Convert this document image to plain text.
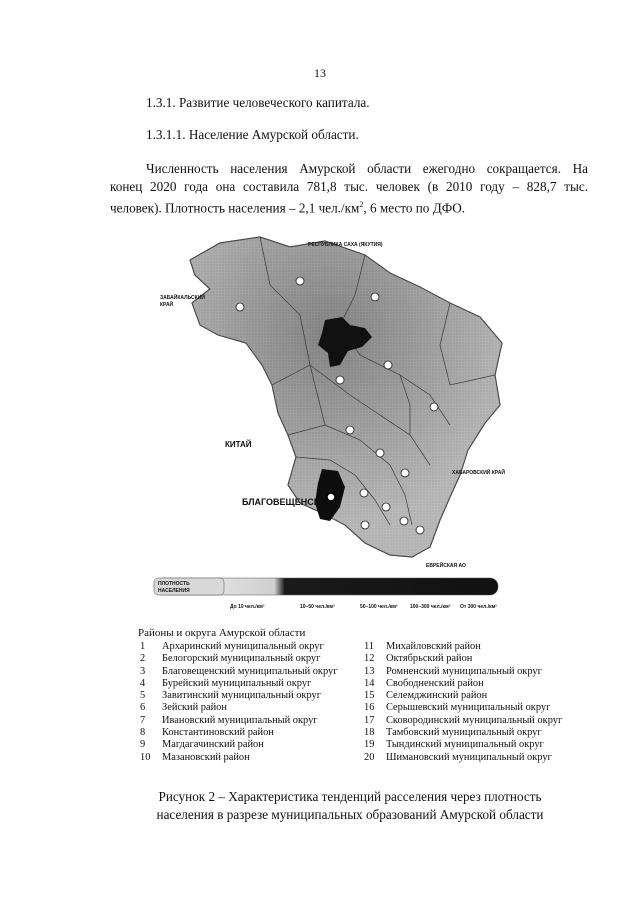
13
1.3.1. Развитие человеческого капитала.
1.3.1.1. Население Амурской области.
Численность населения Амурской области ежегодно сокращается. На
конец 2020 года она составила 781,8 тыс. человек (в 2010 году – 828,7 тыс.
человек). Плотность населения – 2,1 $чел./км^2$, 6 место по ДФО.
РЕСПУБЛИКА САХА (ЯКУТИЯ)
ЗАБАЙКАЛЬСКИЙ
КРАЙ
КИТАЙ
ХАБАРОВСКИЙ КРАЙ
БЛАГОВЕЩЕНСК
ЕВРЕЙСКАЯ АО
ПЛОТНОСТЬ
НАСЕЛЕНИЯ
До 10 чел./км²	10–50 чел./км²	50–100 чел./км² 100–300 чел./км² От 300 чел./км²
Районы и округа Амурской области
1	Архаринский муниципальный округ
2	Белогорский муниципальный округ
3	Благовещенский муниципальный округ
4	Бурейский муниципальный округ
5	Завитинский муниципальный округ
6	Зейский район
7	Ивановский муниципальный округ
8	Константиновский район
9	Магдагачинский район
10	Мазановский район
11	Михайловский район
12	Октябрьский район
13	Ромненский муниципальный округ
14	Свободненский район
15	Селемджинский район
16	Серышевский муниципальный округ
17	Сковородинский муниципальный округ
18	Тамбовский муниципальный округ
19	Тындинский муниципальный округ
20	Шимановский муниципальный округ
Рисунок 2 – Характеристика тенденций расселения через плотность
населения в разрезе муниципальных образований Амурской области
